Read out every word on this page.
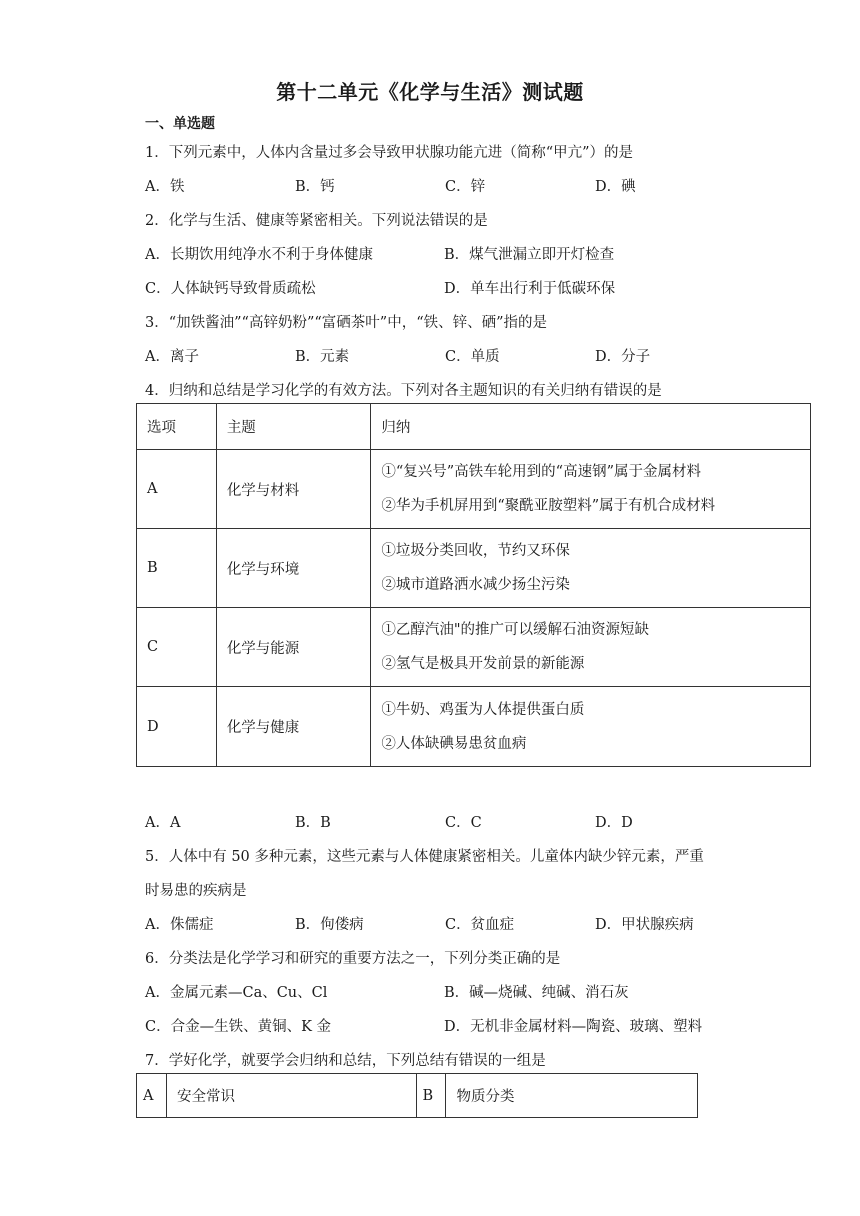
第十二单元《化学与生活》测试题
一、单选题
1．下列元素中，人体内含量过多会导致甲状腺功能亢进（简称“甲亢”）的是
A．铁	B．钙	C．锌	D．碘
2．化学与生活、健康等紧密相关。下列说法错误的是
A．长期饮用纯净水不利于身体健康	B．煤气泄漏立即开灯检查
C．人体缺钙导致骨质疏松	D．单车出行利于低碳环保
3．“加铁酱油”“高锌奶粉”“富硒茶叶”中，“铁、锌、硒”指的是
A．离子	B．元素	C．单质	D．分子
4．归纳和总结是学习化学的有效方法。下列对各主题知识的有关归纳有错误的是
选项	主题	归纳
A	化学与材料	①“复兴号”高铁车轮用到的“高速钢”属于金属材料
②华为手机屏用到“聚酰亚胺塑料”属于有机合成材料

B	化学与环境	①垃圾分类回收，节约又环保
②城市道路洒水减少扬尘污染

C	化学与能源	①乙醇汽油"的推广可以缓解石油资源短缺
②氢气是极具开发前景的新能源

D	化学与健康	①牛奶、鸡蛋为人体提供蛋白质
②人体缺碘易患贫血病
A．A	B．B	C．C	D．D
5．人体中有 50 多种元素，这些元素与人体健康紧密相关。儿童体内缺少锌元素，严重
时易患的疾病是
A．侏儒症	B．佝偻病	C．贫血症	D．甲状腺疾病
6．分类法是化学学习和研究的重要方法之一，下列分类正确的是
A．金属元素—Ca、Cu、Cl	B．碱—烧碱、纯碱、消石灰
C．合金—生铁、黄铜、K 金	D．无机非金属材料—陶瓷、玻璃、塑料
7．学好化学，就要学会归纳和总结，下列总结有错误的一组是
A	安全常识	B	物质分类
